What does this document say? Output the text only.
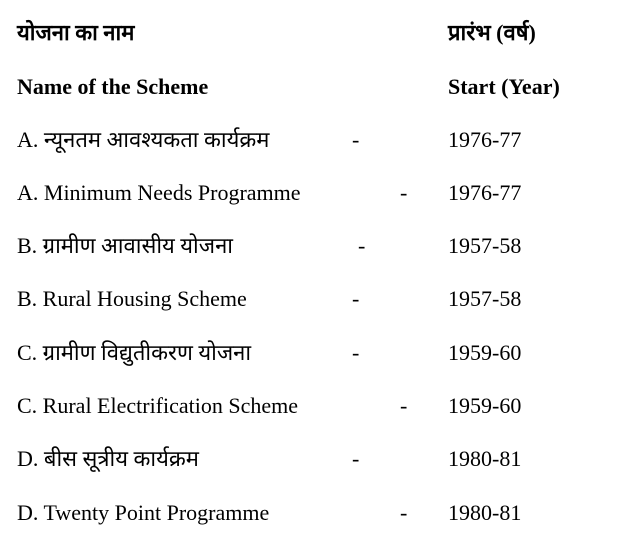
योजना का नाम	प्रारंभ (वर्ष)
Name of the Scheme	Start (Year)
A. न्यूनतम आवश्यकता कार्यक्रम	-	1976-77
A. Minimum Needs Programme	- 1976-77
B. ग्रामीण आवासीय योजना	-	1957-58
B. Rural Housing Scheme	-	1957-58
C. ग्रामीण विद्युतीकरण योजना	-	1959-60
C. Rural Electrification Scheme	- 1959-60
D. बीस सूत्रीय कार्यक्रम	-	1980-81
D. Twenty Point Programme	- 1980-81
